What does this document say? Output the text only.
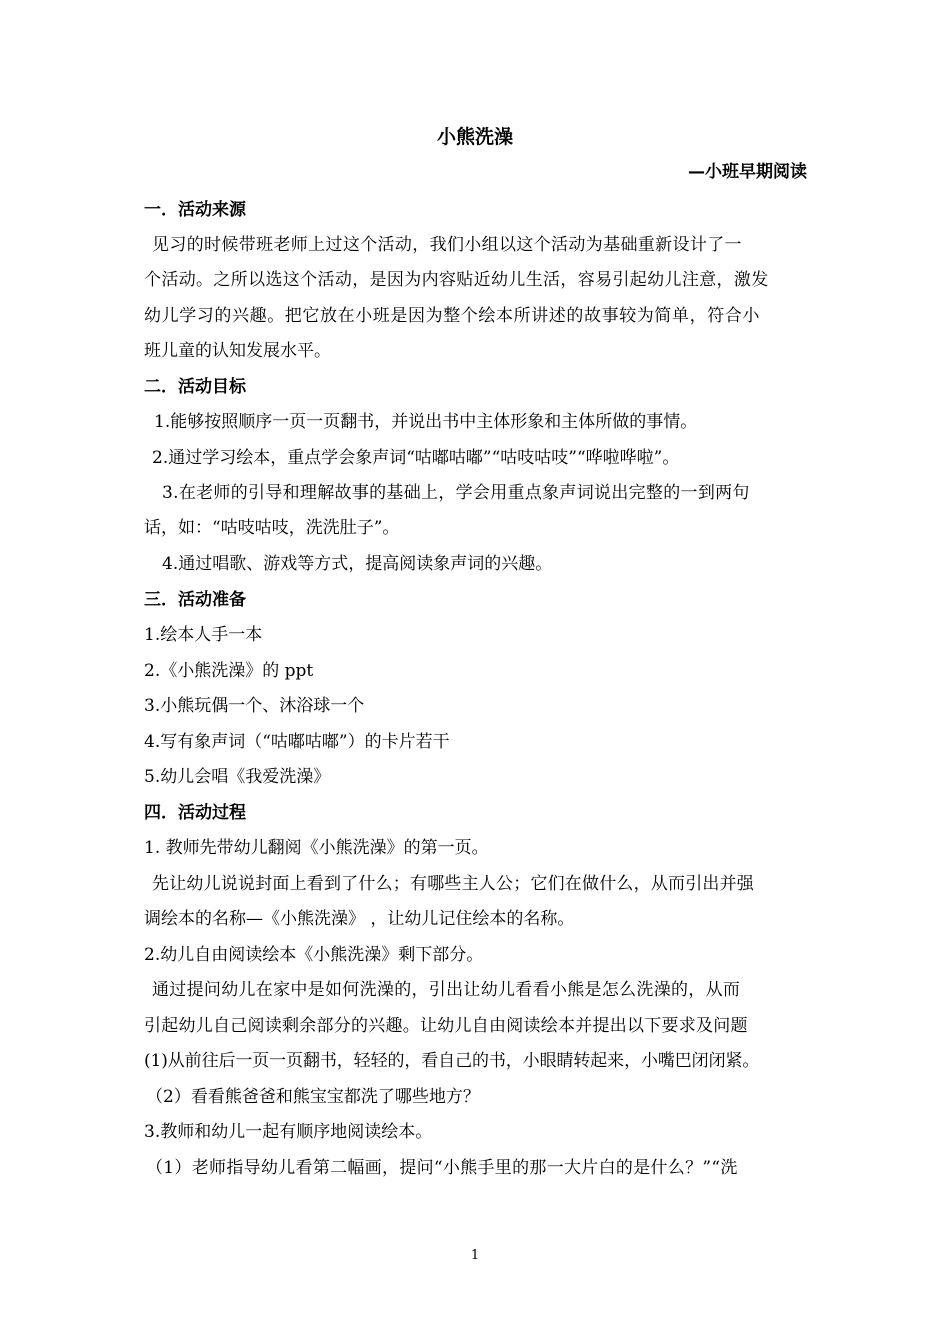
小熊洗澡
—小班早期阅读
一．活动来源
见习的时候带班老师上过这个活动，我们小组以这个活动为基础重新设计了一
个活动。之所以选这个活动，是因为内容贴近幼儿生活，容易引起幼儿注意，激发
幼儿学习的兴趣。把它放在小班是因为整个绘本所讲述的故事较为简单，符合小
班儿童的认知发展水平。
二．活动目标
1.能够按照顺序一页一页翻书，并说出书中主体形象和主体所做的事情。
2.通过学习绘本，重点学会象声词“咕嘟咕嘟”“咕吱咕吱”“哗啦哗啦”。
3.在老师的引导和理解故事的基础上，学会用重点象声词说出完整的一到两句
话，如：“咕吱咕吱，洗洗肚子”。
4.通过唱歌、游戏等方式，提高阅读象声词的兴趣。
三．活动准备
1.绘本人手一本
2.《小熊洗澡》的 ppt
3.小熊玩偶一个、沐浴球一个
4.写有象声词（“咕嘟咕嘟”）的卡片若干
5.幼儿会唱《我爱洗澡》
四．活动过程
1. 教师先带幼儿翻阅《小熊洗澡》的第一页。
先让幼儿说说封面上看到了什么；有哪些主人公；它们在做什么，从而引出并强
调绘本的名称—《小熊洗澡》 ，让幼儿记住绘本的名称。
2.幼儿自由阅读绘本《小熊洗澡》剩下部分。
通过提问幼儿在家中是如何洗澡的，引出让幼儿看看小熊是怎么洗澡的，从而
引起幼儿自己阅读剩余部分的兴趣。让幼儿自由阅读绘本并提出以下要求及问题
(1)从前往后一页一页翻书，轻轻的，看自己的书，小眼睛转起来，小嘴巴闭闭紧。
（2）看看熊爸爸和熊宝宝都洗了哪些地方？
3.教师和幼儿一起有顺序地阅读绘本。
（1）老师指导幼儿看第二幅画，提问“小熊手里的那一大片白的是什么？”“洗
1
